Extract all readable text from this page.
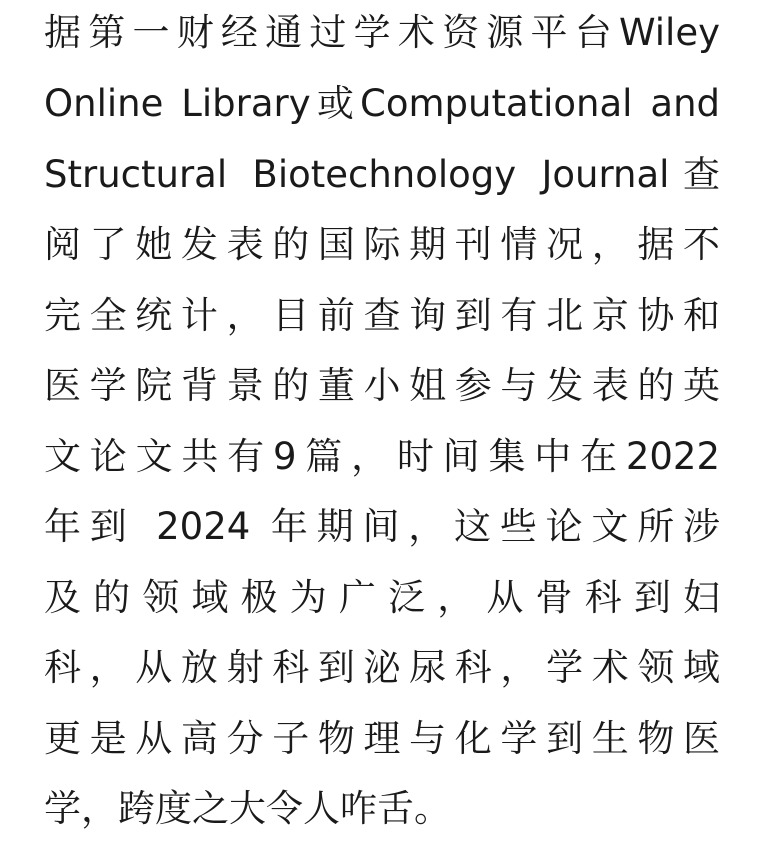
据第一财经通过学术资源平台Wiley
Online Library或Computational and
Structural Biotechnology Journal查
阅了她发表的国际期刊情况，据不
完全统计，目前查询到有北京协和
医学院背景的董小姐参与发表的英
文论文共有9篇，时间集中在2022
年到 2024 年期间，这些论文所涉
及的领域极为广泛，从骨科到妇
科，从放射科到泌尿科，学术领域
更是从高分子物理与化学到生物医
学，跨度之大令人咋舌。
